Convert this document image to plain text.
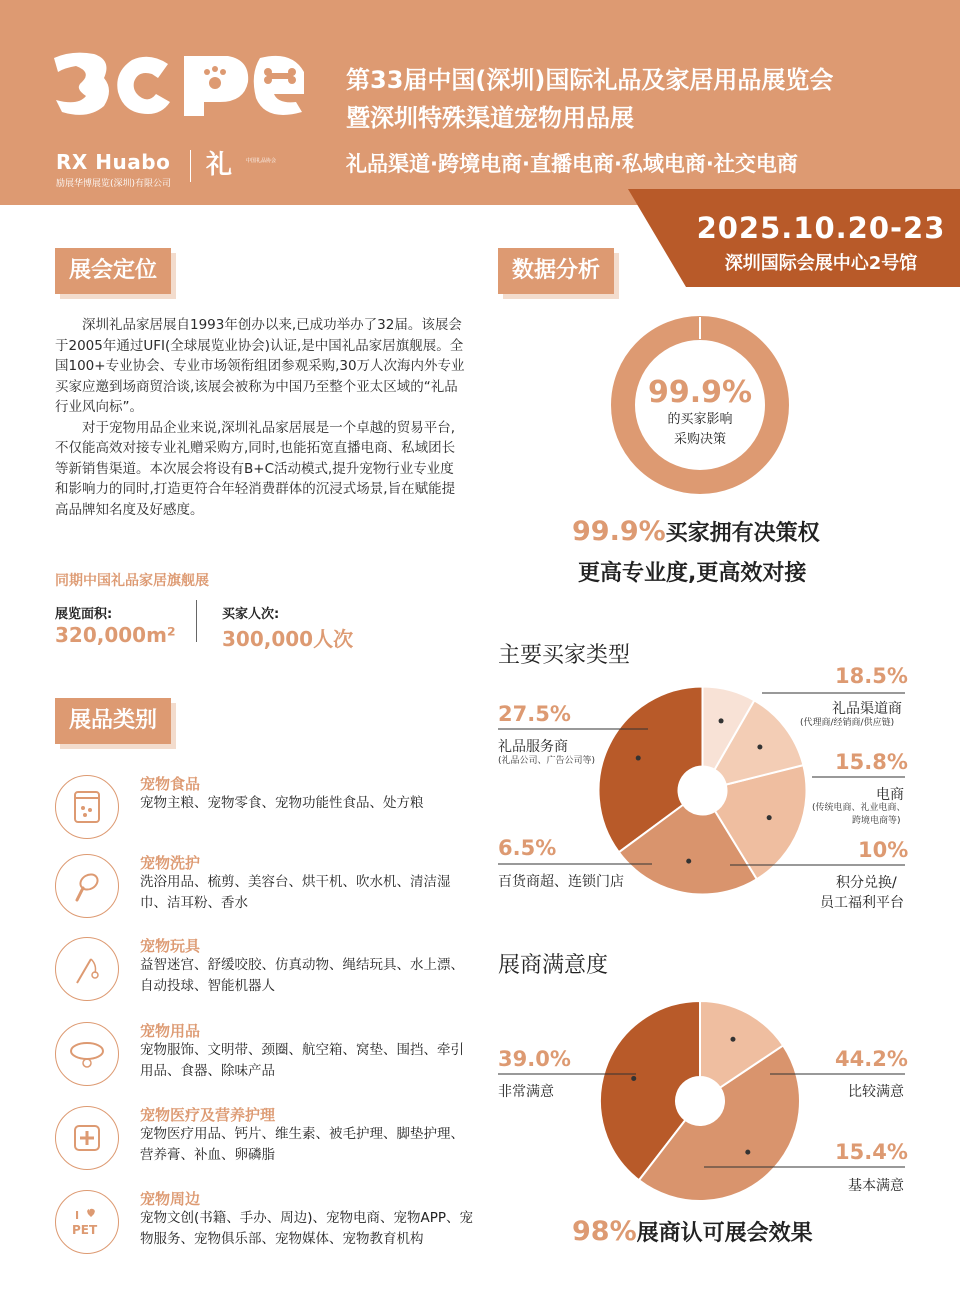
RX Huabo
励展华博展览(深圳)有限公司
礼	中国礼品协会
第33届中国(深圳)国际礼品及家居用品展览会
暨深圳特殊渠道宠物用品展
礼品渠道·跨境电商·直播电商·私域电商·社交电商
2025.10.20-23
深圳国际会展中心2号馆
展会定位

深圳礼品家居展自1993年创办以来,已成功举办了32届。该展会于2005年通过UFI(全球展览业协会)认证,是中国礼品家居旗舰展。全国100+专业协会、专业市场领衔组团参观采购,30万人次海内外专业买家应邀到场商贸洽谈,该展会被称为中国乃至整个亚太区域的“礼品行业风向标”。

对于宠物用品企业来说,深圳礼品家居展是一个卓越的贸易平台,不仅能高效对接专业礼赠采购方,同时,也能拓宽直播电商、私域团长等新销售渠道。本次展会将设有B+C活动模式,提升宠物行业专业度和影响力的同时,打造更符合年轻消费群体的沉浸式场景,旨在赋能提高品牌知名度及好感度。

同期中国礼品家居旗舰展
展览面积:
320,000m²
买家人次:
300,000人次
展品类别
宠物食品
宠物主粮、宠物零食、宠物功能性食品、处方粮
宠物洗护
洗浴用品、梳剪、美容台、烘干机、吹水机、清洁湿巾、洁耳粉、香水
宠物玩具
益智迷宫、舒缓咬胶、仿真动物、绳结玩具、水上漂、自动投球、智能机器人
宠物用品
宠物服饰、文明带、颈圈、航空箱、窝垫、围挡、牵引用品、食器、除味产品
宠物医疗及营养护理
宠物医疗用品、钙片、维生素、被毛护理、脚垫护理、营养膏、补血、卵磷脂
I
PET
宠物周边
宠物文创(书籍、手办、周边)、宠物电商、宠物APP、宠物服务、宠物俱乐部、宠物媒体、宠物教育机构
数据分析
99.9%
的买家影响
采购决策
99.9%买家拥有决策权
更高专业度,更高效对接
主要买家类型
27.5%
礼品服务商
(礼品公司、广告公司等)
18.5%
礼品渠道商
(代理商/经销商/供应链)
15.8%
电商
(传统电商、礼业电商、
跨境电商等)
10%
积分兑换/
员工福利平台
6.5%
百货商超、连锁门店
展商满意度
39.0%
非常满意
44.2%
比较满意
15.4%
基本满意
98%展商认可展会效果
